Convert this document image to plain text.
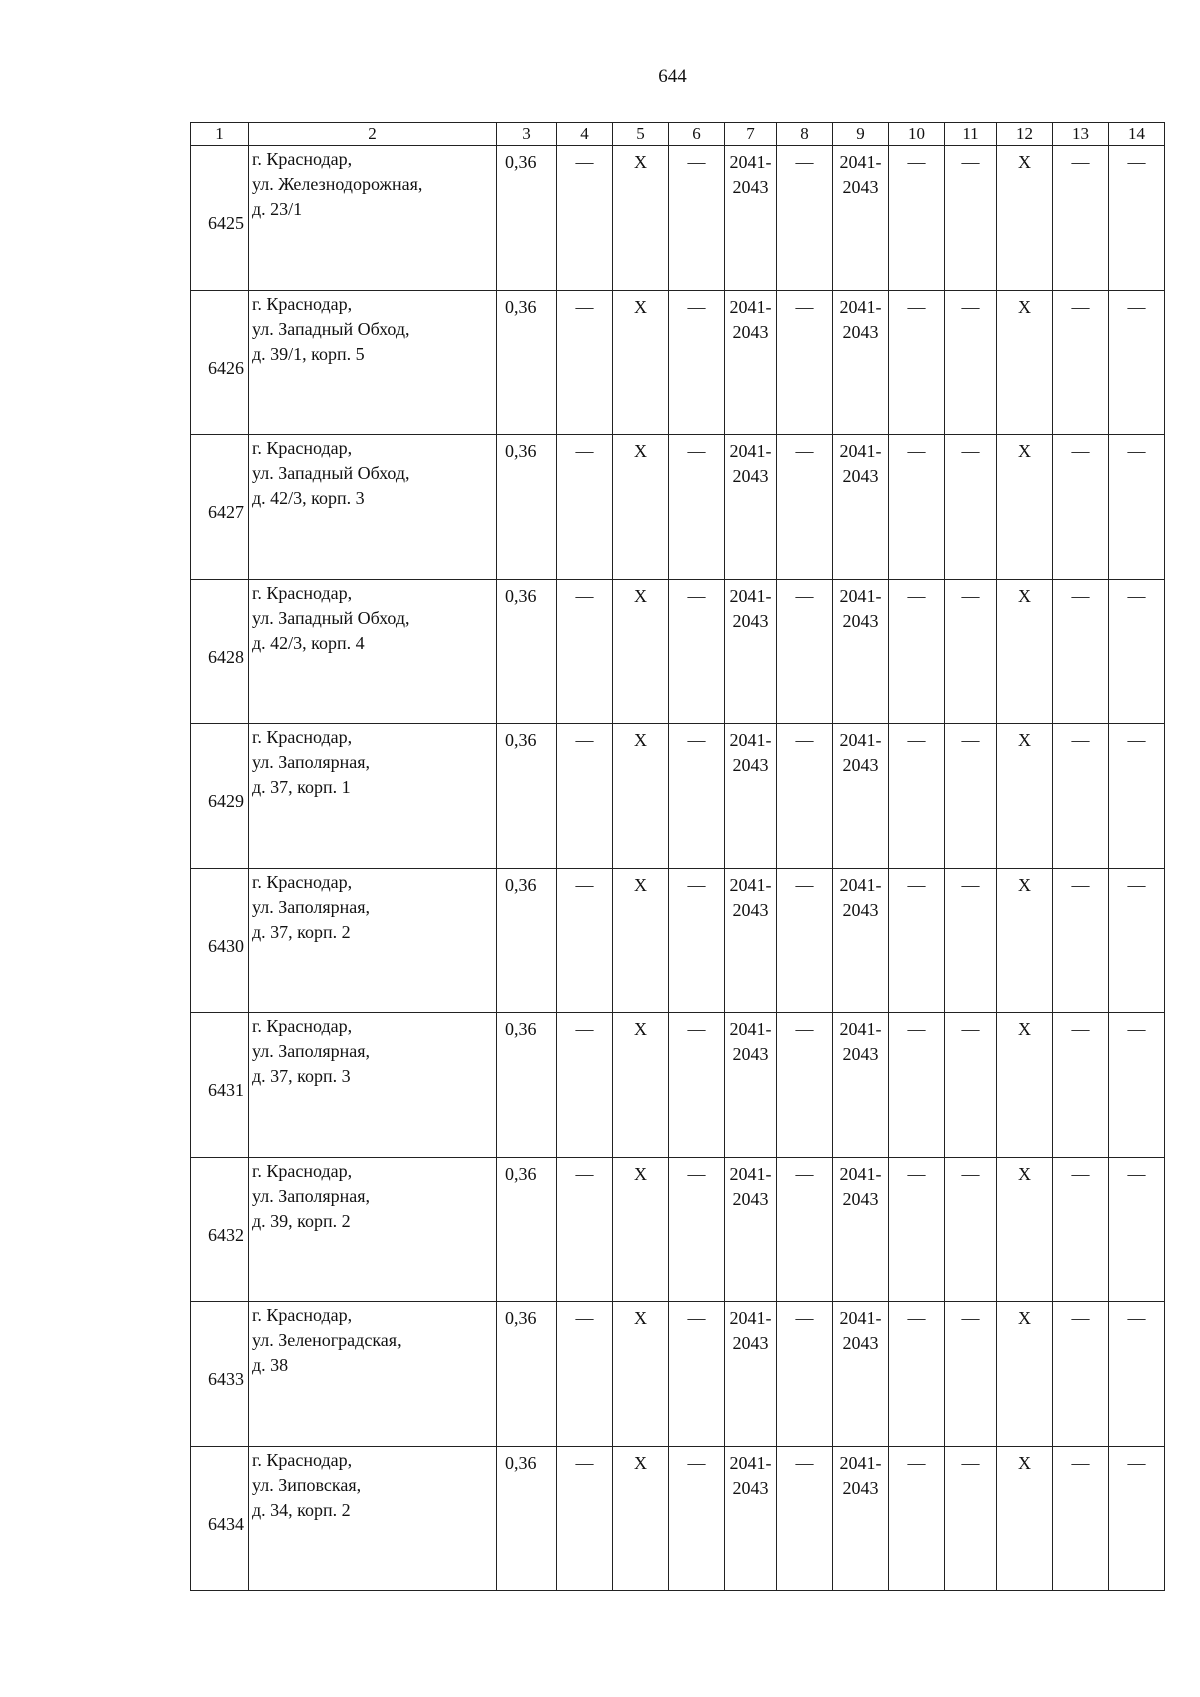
644
1	2	3	4	5	6	7	8	9	10	11	12	13	14
6425	г. Краснодар,
ул. Железнодорожная,
д. 23/1	0,36	—	X	—	2041-
2043	—	2041-
2043	—	—	X	—	—
6426	г. Краснодар,
ул. Западный Обход,
д. 39/1, корп. 5	0,36	—	X	—	2041-
2043	—	2041-
2043	—	—	X	—	—
6427	г. Краснодар,
ул. Западный Обход,
д. 42/3, корп. 3	0,36	—	X	—	2041-
2043	—	2041-
2043	—	—	X	—	—
6428	г. Краснодар,
ул. Западный Обход,
д. 42/3, корп. 4	0,36	—	X	—	2041-
2043	—	2041-
2043	—	—	X	—	—
6429	г. Краснодар,
ул. Заполярная,
д. 37, корп. 1	0,36	—	X	—	2041-
2043	—	2041-
2043	—	—	X	—	—
6430	г. Краснодар,
ул. Заполярная,
д. 37, корп. 2	0,36	—	X	—	2041-
2043	—	2041-
2043	—	—	X	—	—
6431	г. Краснодар,
ул. Заполярная,
д. 37, корп. 3	0,36	—	X	—	2041-
2043	—	2041-
2043	—	—	X	—	—
6432	г. Краснодар,
ул. Заполярная,
д. 39, корп. 2	0,36	—	X	—	2041-
2043	—	2041-
2043	—	—	X	—	—
6433	г. Краснодар,
ул. Зеленоградская,
д. 38	0,36	—	X	—	2041-
2043	—	2041-
2043	—	—	X	—	—
6434	г. Краснодар,
ул. Зиповская,
д. 34, корп. 2	0,36	—	X	—	2041-
2043	—	2041-
2043	—	—	X	—	—
